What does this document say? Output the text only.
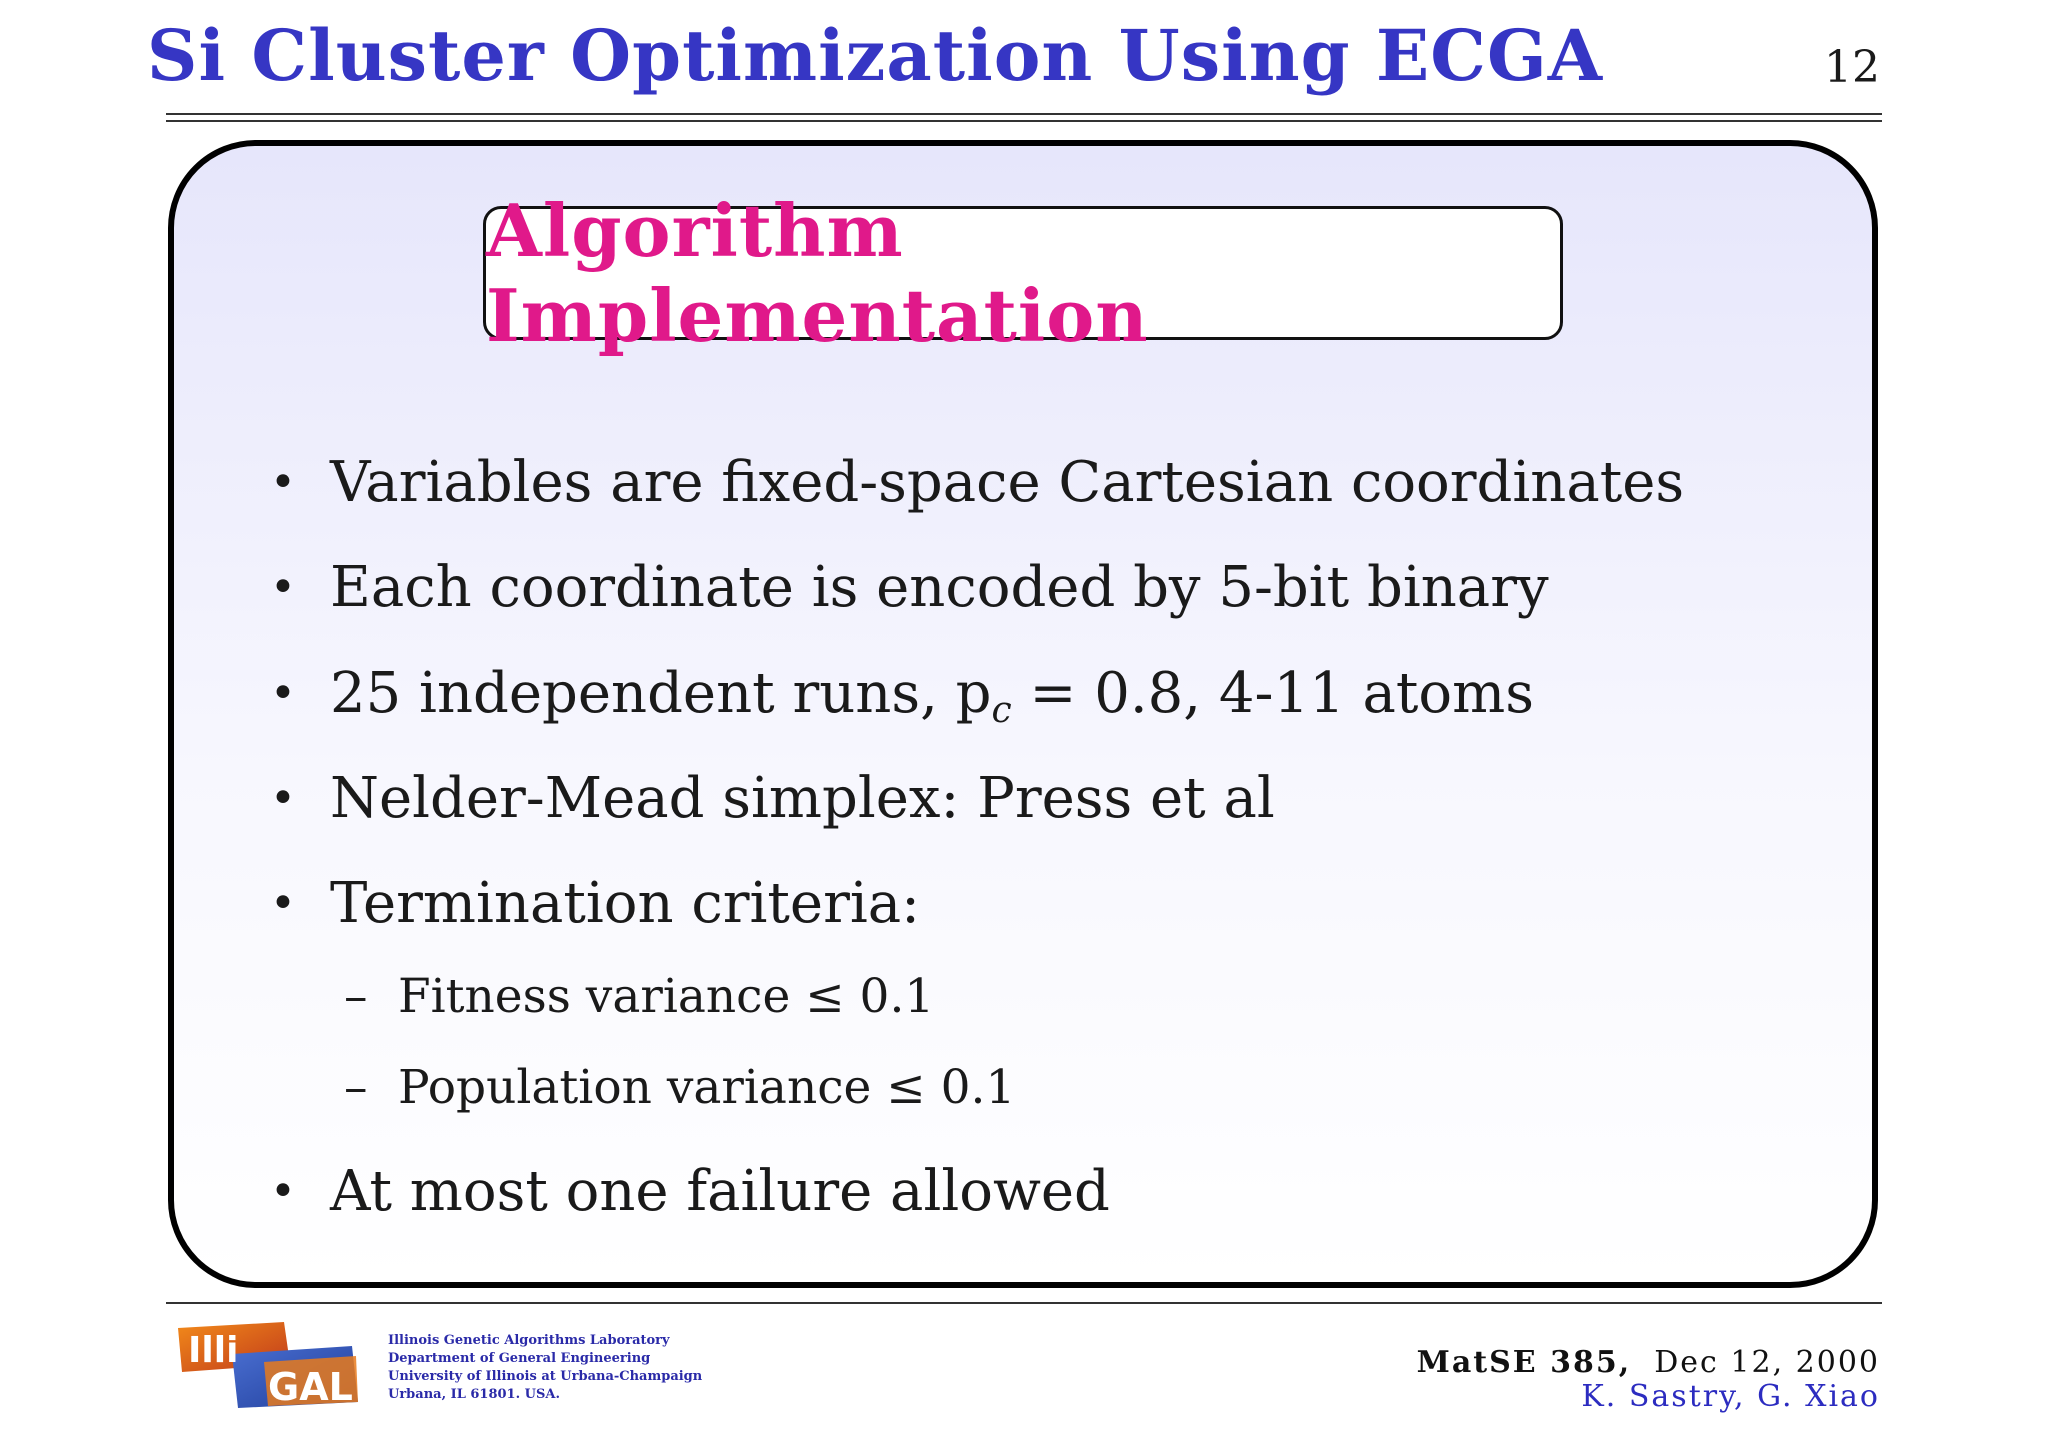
Si Cluster Optimization Using ECGA	12
Algorithm Implementation
• Variables are fixed-space Cartesian coordinates
• Each coordinate is encoded by 5-bit binary
• 25 independent runs, $p_c = 0.8$, 4-11 atoms
• Nelder-Mead simplex: Press et al
• Termination criteria:
– Fitness variance ≤ 0.1
– Population variance ≤ 0.1
• At most one failure allowed
Illi
GAL
Illinois Genetic Algorithms Laboratory
Department of General Engineering
University of Illinois at Urbana-Champaign
Urbana, IL 61801. USA.
MatSE 385, Dec 12, 2000
K. Sastry, G. Xiao
